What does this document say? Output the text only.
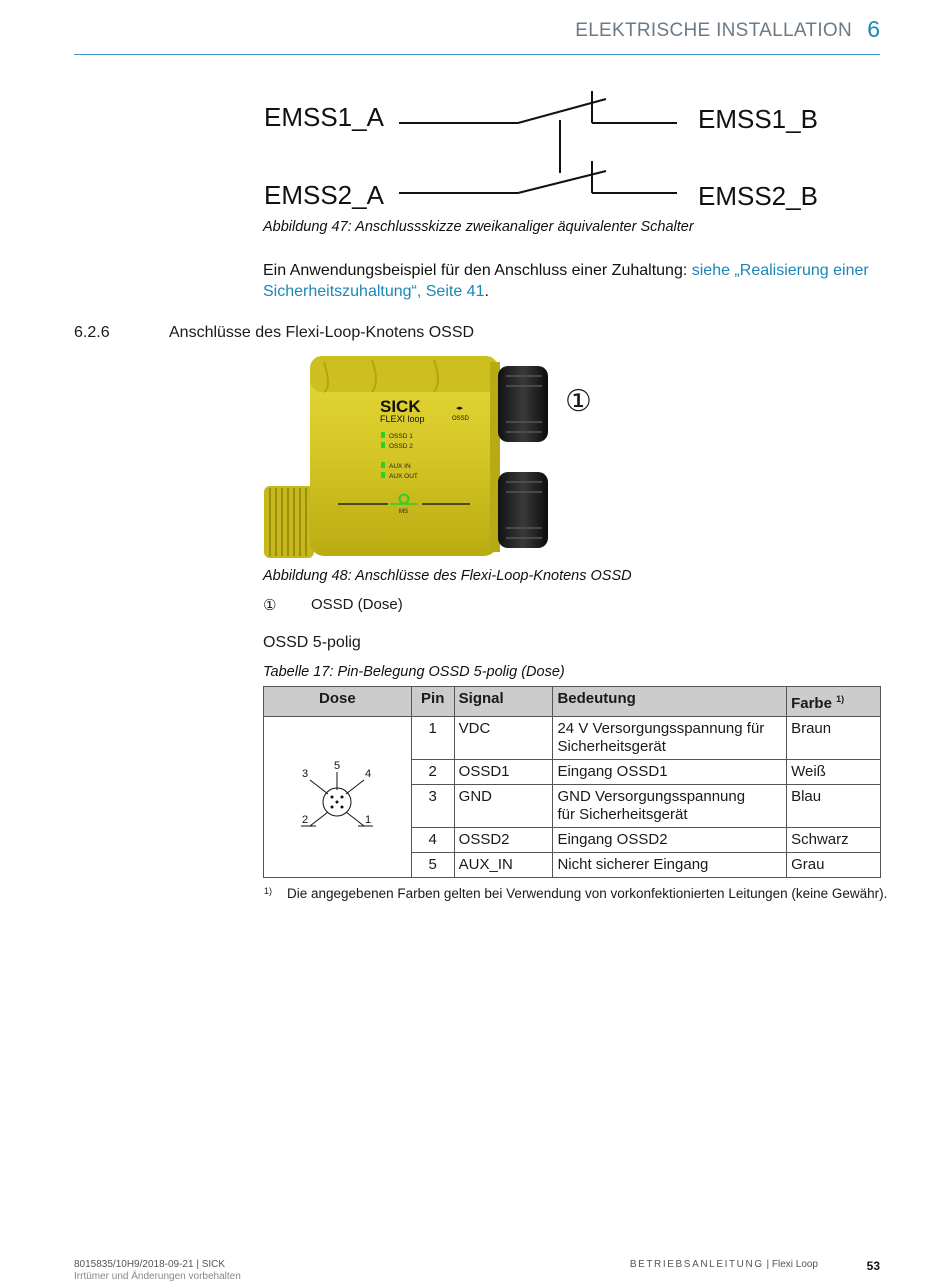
ELEKTRISCHE INSTALLATION 6
EMSS1_A	EMSS1_B
EMSS2_A	EMSS2_B
Abbildung 47: Anschlussskizze zweikanaliger äquivalenter Schalter
Ein Anwendungsbeispiel für den Anschluss einer Zuhaltung: siehe „Realisierung einer
Sicherheitszuhaltung“, Seite 41.
6.2.6	Anschlüsse des Flexi-Loop-Knotens OSSD
SICK
FLEXI loop
◂▸
OSSD
OSSD 1
OSSD 2
AUX IN
AUX OUT
MS
①
Abbildung 48: Anschlüsse des Flexi-Loop-Knotens OSSD
① OSSD (Dose)
OSSD 5-polig
Tabelle 17: Pin-Belegung OSSD 5-polig (Dose)
Dose	Pin	Signal	Bedeutung	Farbe $^{1)}$

3
5
4
2 1	1	VDC	24 V Versorgungsspannung für
Sicherheitsgerät	Braun
	2	OSSD1	Eingang OSSD1	Weiß
	3	GND	GND Versorgungsspannung
für Sicherheitsgerät	Blau
	4	OSSD2	Eingang OSSD2	Schwarz
	5	AUX_IN	Nicht sicherer Eingang	Grau
1) Die angegebenen Farben gelten bei Verwendung von vorkonfektionierten Leitungen (keine Gewähr).
8015835/10H9/2018-09-21 | SICK
Irrtümer und Änderungen vorbehalten
BETRIEBSANLEITUNG | Flexi Loop	53
